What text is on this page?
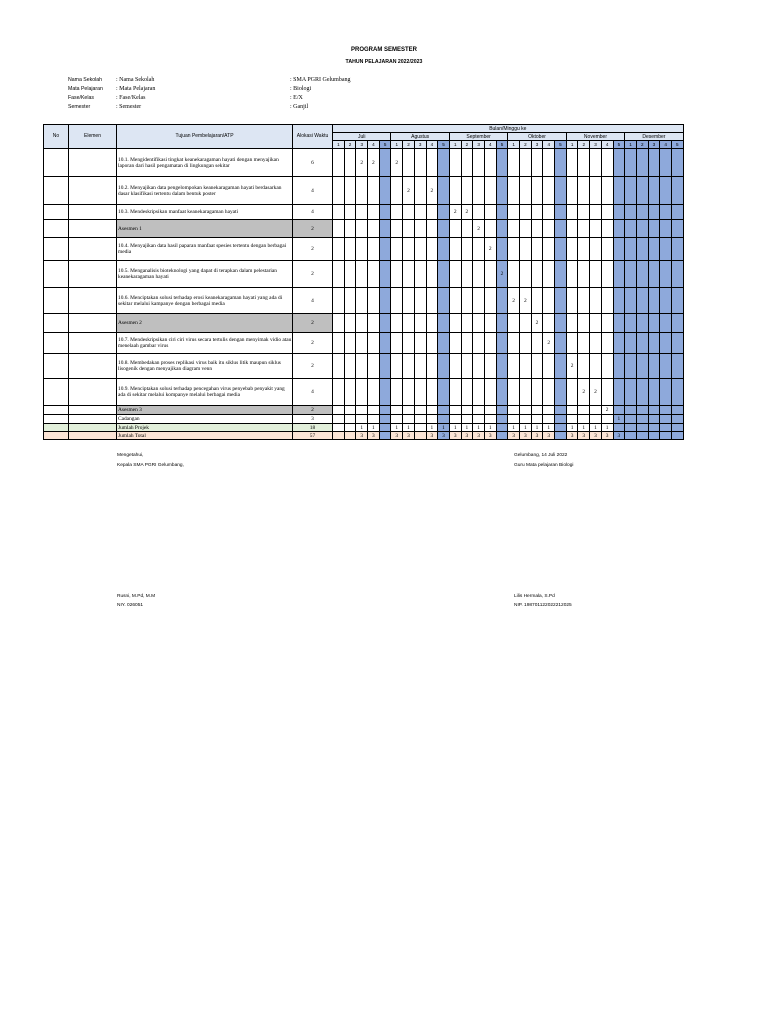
PROGRAM SEMESTER
TAHUN PELAJARAN 2022/2023
Nama Sekolah	: Nama Sekolah	: SMA PGRI Gelumbang
Mata Pelajaran	: Mata Pelajaran	: Biologi
Fase/Kelas	: Fase/Kelas	: E/X
Semester	: Semester	: Ganjil
No	Elemen	Tujuan Pembelajaran/ATP	Alokasi Waktu	Bulan/Minggu ke																													
				Juli					Agustus					September					Oktober					November					Desember				
				1	2	3	4	5	1	2	3	4	5	1	2	3	4	5	1	2	3	4	5	1	2	3	4	5	1	2	3	4	5
		10.1. Mengidentifikasi tingkat keanekaragaman hayati dengan menyajikan laporan dari hasil pengamatan di lingkungan sekitar	6			2	2		2																								
		10.2. Menyajikan data pengelompokan keanekaragaman hayati berdasarkan dasar klasifikasi tertentu dalam bentuk poster	4							2		2																					
		10.3. Mendeskripsikan manfaat keanekaragaman hayati	4											2	2																		
		Asesmen 1	2													2																	
		10.4. Menyajikan data hasil paparan manfaat spesies tertentu dengan berbagai media	2														2																
		10.5. Menganalisis bioteknologi yang dapat di terapkan dalam pelestarian keanekaragaman hayati	2															2															
		10.6. Menciptakan solusi terhadap erosi keanekaragaman hayati yang ada di sekitar melalui kampanye dengan berbagai media	4																2	2													
		Asesmen 2	2																		2												
		10.7. Mendeskripsikan ciri ciri virus secara tertulis dengan menyimak vidio atau menelaah gambar virus	2																			2											
		10.8. Membedakan proses replikasi virus baik itu siklus litik maupun siklus lisogenik dengan menyajikan diagram venn	2																					2									
		10.9. Menciptakan solusi terhadap pencegahan virus penyebab penyakit yang ada di sekitar melalui kompanye melalui berbagai media	4																						2	2							
		Asesmen 3	2																								2						
		Cadangan	3																									1					
		Jumlah Projek	18			1	1		1	1		1	1	1	1	1	1		1	1	1	1		1	1	1	1						
		Jumlah Total	57			3	3		3	3		3	3	3	3	3	3		3	3	3	3		3	3	3	3	3					
Mengetahui,
Kepala SMA PGRI Gelumbang,
Rusni, M.Pd, M.M
NIY. 026051
Gelumbang, 14 Juli 2022
Guru Mata pelajaran Biologi
Lilis Hermala, S.Pd
NIP. 198701122022212025
